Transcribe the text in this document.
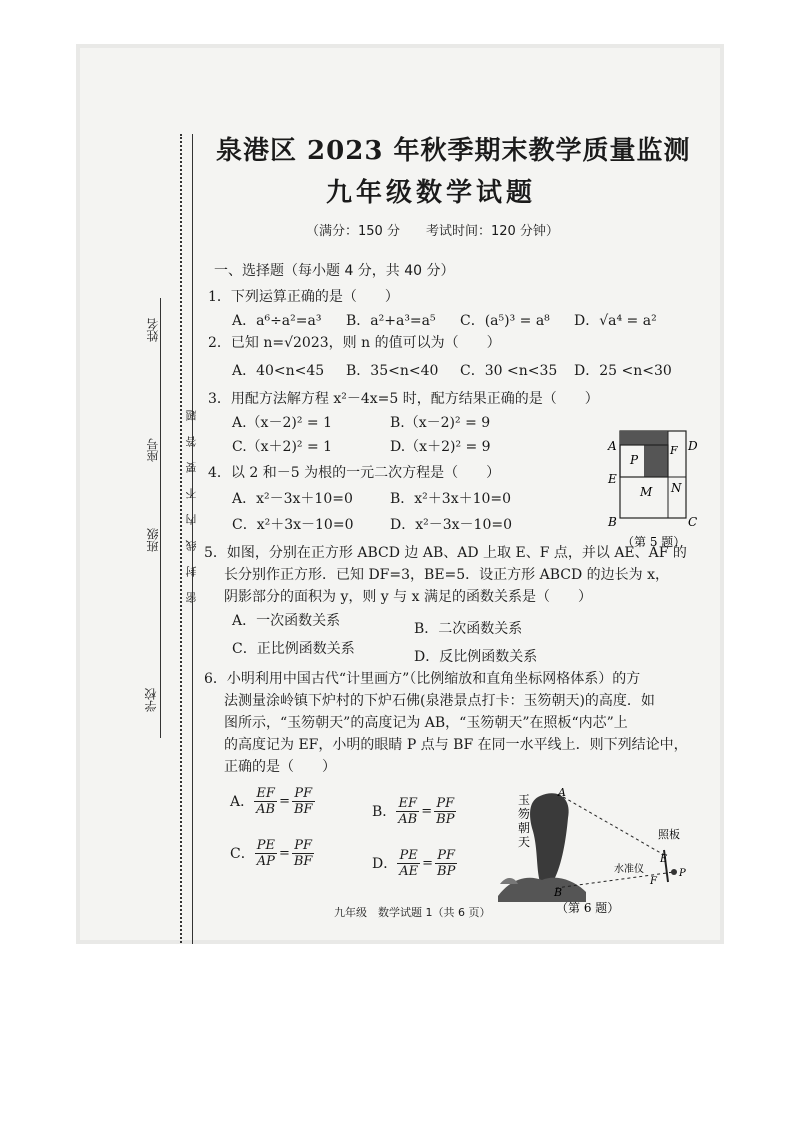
学校
班级
座号
姓名
密　封　线　内　不　要　答　题
泉港区 2023 年秋季期末教学质量监测
九年级数学试题
（满分：150 分　　考试时间：120 分钟）
一、选择题（每小题 4 分，共 40 分）
1．下列运算正确的是（　　）
A．a⁶÷a²=a³ B．a²+a³=a⁵ C．(a⁵)³ = a⁸ D．√a⁴ = a²
2．已知 n=√2023，则 n 的值可以为（　　）
A．40<n<45 B．35<n<40 C．30 <n<35 D．25 <n<30
3．用配方法解方程 x²－4x=5 时，配方结果正确的是（　　）
A.（x－2)² = 1	B.（x－2)² = 9
C.（x＋2)² = 1	D.（x＋2)² = 9
4．以 2 和－5 为根的一元二次方程是（　　）
A．x²－3x＋10=0	B．x²＋3x＋10=0
C．x²＋3x－10=0	D．x²－3x－10=0
A	D
F
P
E
M N
B	C
（第 5 题）
5．如图，分别在正方形 ABCD 边 AB、AD 上取 E、F 点，并以 AE、AF 的
长分别作正方形．已知 DF=3，BE=5．设正方形 ABCD 的边长为 x，
阴影部分的面积为 y，则 y 与 x 满足的函数关系是（　　）
A．一次函数关系	B．二次函数关系
C．正比例函数关系	D．反比例函数关系
6．小明利用中国古代“计里画方”（比例缩放和直角坐标网格体系）的方
法测量涂岭镇下炉村的下炉石佛(泉港景点打卡：玉笏朝天)的高度．如
图所示，“玉笏朝天”的高度记为 AB，“玉笏朝天”在照板“内芯”上
的高度记为 EF，小明的眼睛 P 点与 BF 在同一水平线上．则下列结论中，
正确的是（　　）
A． $\frac{EF}{AB} = \frac{PF}{BF}$	B． $\frac{EF}{AB} = \frac{PF}{BP}$
C． $\frac{PE}{AP} = \frac{PF}{BF}$	D． $\frac{PE}{AE} = \frac{PF}{BP}$
玉
笏
朝
天
A
B
照板
E
F
P
水准仪
（第 6 题）
九年级　数学试题 1（共 6 页）
